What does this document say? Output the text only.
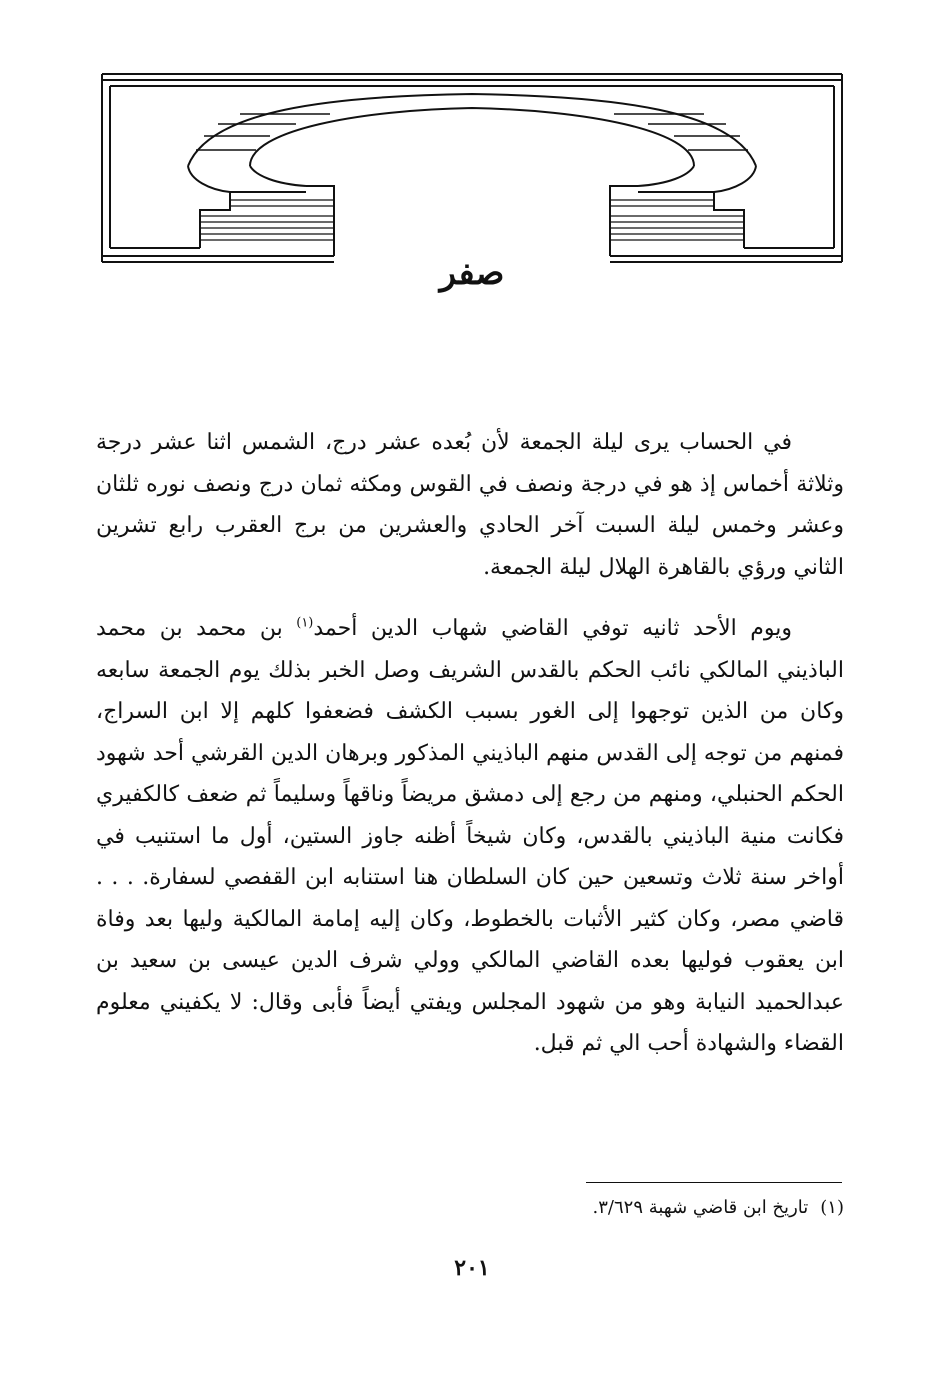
صفر

في الحساب يرى ليلة الجمعة لأن بُعده عشر درج، الشمس اثنا عشر درجة وثلاثة أخماس إذ هو في درجة ونصف في القوس ومكثه ثمان درج ونصف نوره ثلثان وعشر وخمس ليلة السبت آخر الحادي والعشرين من برج العقرب رابع تشرين الثاني ورؤي بالقاهرة الهلال ليلة الجمعة.

ويوم الأحد ثانيه توفي القاضي شهاب الدين أحمد$^{(١)}$ بن محمد بن محمد الباذيني المالكي نائب الحكم بالقدس الشريف وصل الخبر بذلك يوم الجمعة سابعه وكان من الذين توجهوا إلى الغور بسبب الكشف فضعفوا كلهم إلا ابن السراج، فمنهم من توجه إلى القدس منهم الباذيني المذكور وبرهان الدين القرشي أحد شهود الحكم الحنبلي، ومنهم من رجع إلى دمشق مريضاً وناقهاً وسليماً ثم ضعف كالكفيري فكانت منية الباذيني بالقدس، وكان شيخاً أظنه جاوز الستين، أول ما استنيب في أواخر سنة ثلاث وتسعين حين كان السلطان هنا استنابه ابن القفصي لسفارة. . . . قاضي مصر، وكان كثير الأثبات بالخطوط، وكان إليه إمامة المالكية وليها بعد وفاة ابن يعقوب فوليها بعده القاضي المالكي وولي شرف الدين عيسى بن سعيد بن عبدالحميد النيابة وهو من شهود المجلس ويفتي أيضاً فأبى وقال: لا يكفيني معلوم القضاء والشهادة أحب الي ثم قبل.

(١)تاريخ ابن قاضي شهبة ٣/٦٢٩.
٢٠١
